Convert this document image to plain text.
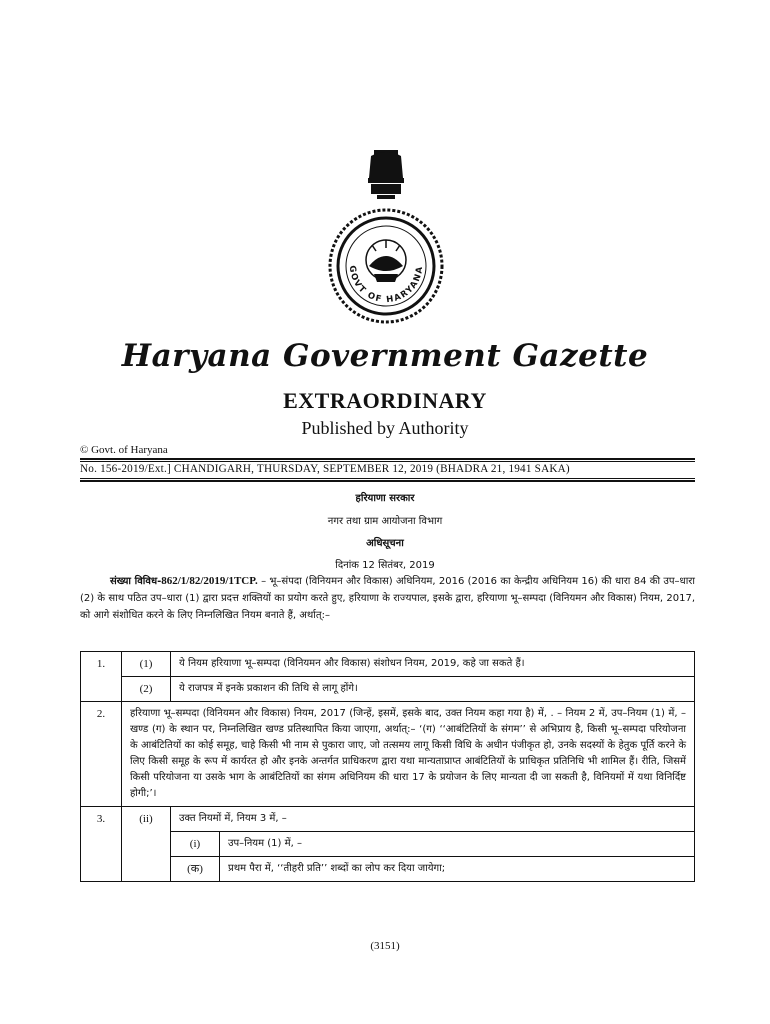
GOVT OF HARYANA
Haryana Government Gazette
EXTRAORDINARY
Published by Authority
© Govt. of Haryana
No. 156-2019/Ext.] CHANDIGARH, THURSDAY, SEPTEMBER 12, 2019 (BHADRA 21, 1941 SAKA)
हरियाणा सरकार
नगर तथा ग्राम आयोजना विभाग
अधिसूचना
दिनांक 12 सितंबर, 2019
संख्या विविध-862/1/82/2019/1TCP. – भू–संपदा (विनियमन और विकास) अधिनियम, 2016 (2016 का केन्द्रीय अधिनियम 16) की धारा 84 की उप–धारा (2) के साथ पठित उप–धारा (1) द्वारा प्रदत्त शक्तियों का प्रयोग करते हुए, हरियाणा के राज्यपाल, इसके द्वारा, हरियाणा भू–सम्पदा (विनियमन और विकास) नियम, 2017, को आगे संशोधित करने के लिए निम्नलिखित नियम बनाते हैं, अर्थात्:–
1.	(1)	ये नियम हरियाणा भू–सम्पदा (विनियमन और विकास) संशोधन नियम, 2019, कहे जा सकते हैं।	
	(2)	ये राजपत्र में इनके प्रकाशन की तिथि से लागू होंगे।	
2.	हरियाणा भू–सम्पदा (विनियमन और विकास) नियम, 2017 (जिन्हें, इसमें, इसके बाद, उक्त नियम कहा गया है) में, . – नियम 2 में, उप–नियम (1) में, – खण्ड (ग) के स्थान पर, निम्नलिखित खण्ड प्रतिस्थापित किया जाएगा, अर्थात्:– ‘(ग) ‘‘आबंटितियों के संगम’’ से अभिप्राय है, किसी भू–सम्पदा परियोजना के आबंटितियों का कोई समूह, चाहे किसी भी नाम से पुकारा जाए, जो तत्समय लागू किसी विधि के अधीन पंजीकृत हो, उनके सदस्यों के हेतुक पूर्ति करने के लिए किसी समूह के रूप में कार्यरत हो और इनके अन्तर्गत प्राधिकरण द्वारा यथा मान्यताप्राप्त आबंटितियों के प्राधिकृत प्रतिनिधि भी शामिल हैं। रीति, जिसमें किसी परियोजना या उसके भाग के आबंटितियों का संगम अधिनियम की धारा 17 के प्रयोजन के लिए मान्यता दी जा सकती है, विनियमों में यथा विनिर्दिष्ट होगी;’।		
3.	(ii)	उक्त नियमों में, नियम 3 में, –	
		(i)	उप–नियम (1) में, –
		(क)	प्रथम पैरा में, ‘‘तीहरी प्रति’’ शब्दों का लोप कर दिया जायेगा;
(3151)
